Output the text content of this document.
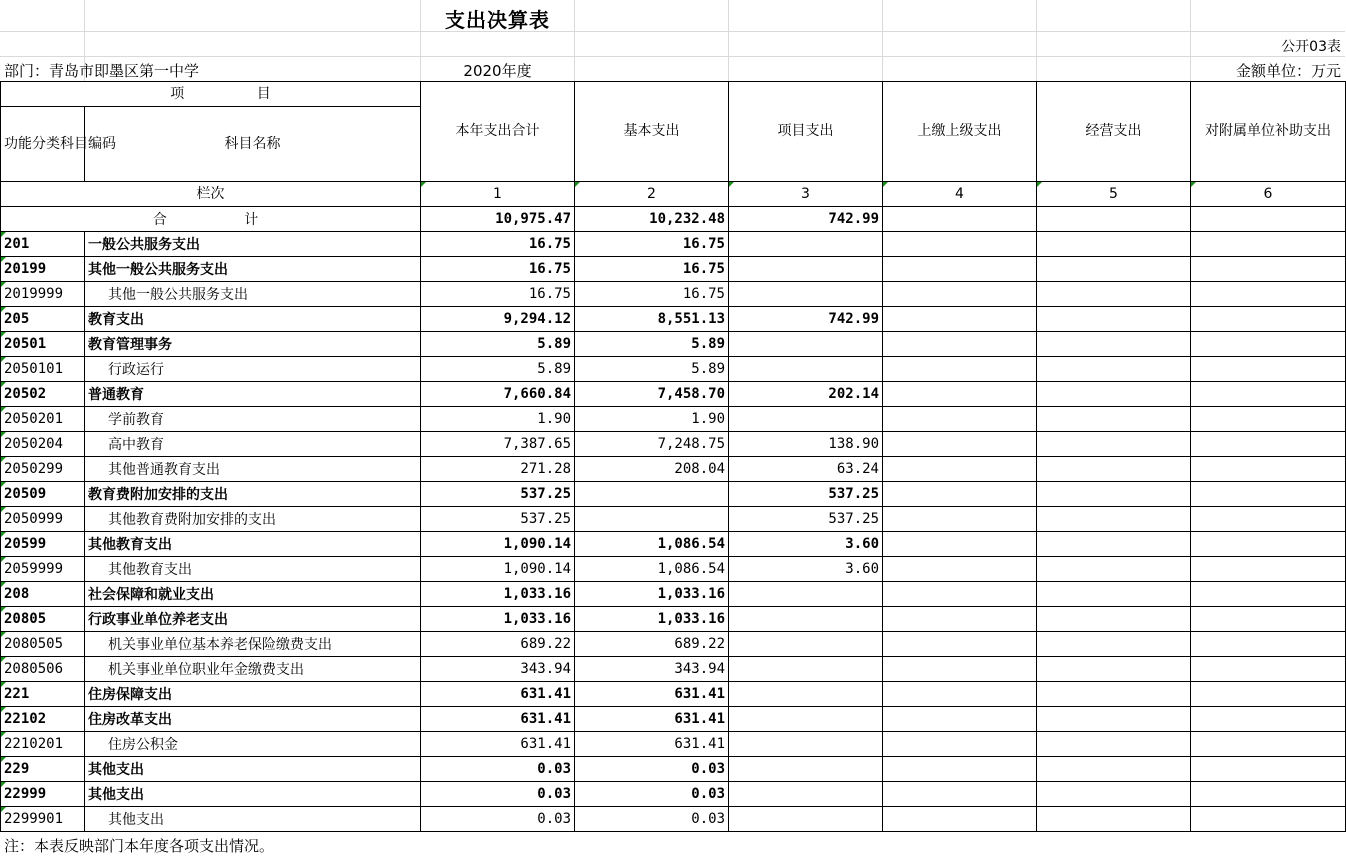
支出决算表
公开03表
部门：青岛市即墨区第一中学	2020年度	金额单位：万元
项 目		本年支出合计	基本支出	项目支出	上缴上级支出	经营支出	对附属单位补助支出
功能分类科目编码	科目名称						
栏次		1	2	3	4	5	6

合 计		10,975.47	10,232.48	742.99			
201	一般公共服务支出	16.75	16.75				
20199	其他一般公共服务支出	16.75	16.75				
2019999	其他一般公共服务支出	16.75	16.75				
205	教育支出	9,294.12	8,551.13	742.99			
20501	教育管理事务	5.89	5.89				
2050101	行政运行	5.89	5.89				
20502	普通教育	7,660.84	7,458.70	202.14			
2050201	学前教育	1.90	1.90				
2050204	高中教育	7,387.65	7,248.75	138.90			
2050299	其他普通教育支出	271.28	208.04	63.24			
20509	教育费附加安排的支出	537.25		537.25			
2050999	其他教育费附加安排的支出	537.25		537.25			
20599	其他教育支出	1,090.14	1,086.54	3.60			
2059999	其他教育支出	1,090.14	1,086.54	3.60			
208	社会保障和就业支出	1,033.16	1,033.16				
20805	行政事业单位养老支出	1,033.16	1,033.16				
2080505	机关事业单位基本养老保险缴费支出	689.22	689.22				
2080506	机关事业单位职业年金缴费支出	343.94	343.94				
221	住房保障支出	631.41	631.41				
22102	住房改革支出	631.41	631.41				
2210201	住房公积金	631.41	631.41				
229	其他支出	0.03	0.03				
22999	其他支出	0.03	0.03				
2299901	其他支出	0.03	0.03				
注：本表反映部门本年度各项支出情况。
